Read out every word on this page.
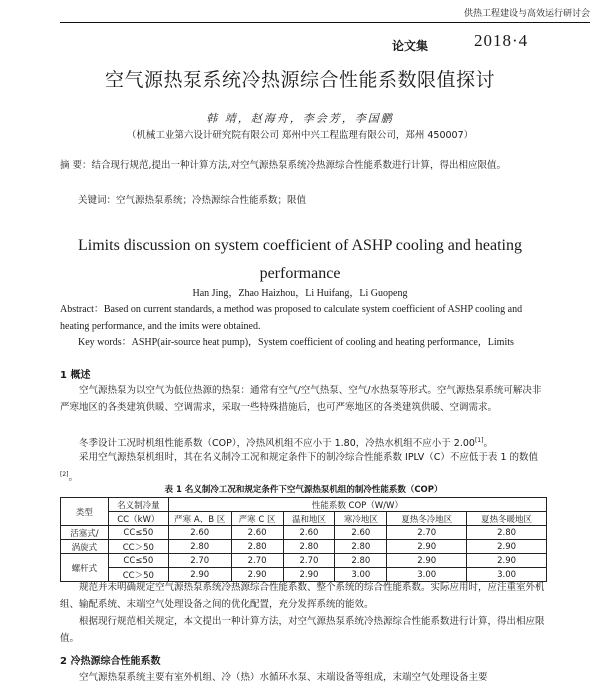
供热工程建设与高效运行研讨会
论文集	2018·4
空气源热泵系统冷热源综合性能系数限值探讨
韩 靖，赵海舟，李会芳，李国鹏
（机械工业第六设计研究院有限公司 郑州中兴工程监理有限公司，郑州 450007）
摘 要：结合现行规范,提出一种计算方法,对空气源热泵系统冷热源综合性能系数进行计算，得出相应限值。
关键词：空气源热泵系统；冷热源综合性能系数；限值
Limits discussion on system coefficient of ASHP cooling and heating performance
Han Jing，Zhao Haizhou，Li Huifang，Li Guopeng
Abstract：Based on current standards, a method was proposed to calculate system coefficient of ASHP cooling and heating performance, and the imits were obtained.
Key words：ASHP(air-source heat pump)，System coefficient of cooling and heating performance，Limits
1 概述
空气源热泵为以空气为低位热源的热泵：通常有空气/空气热泵、空气/水热泵等形式。空气源热泵系统可解决非严寒地区的各类建筑供暖、空调需求，采取一些特殊措施后，也可严寒地区的各类建筑供暖、空调需求。
冬季设计工况时机组性能系数（COP），冷热风机组不应小于 1.80，冷热水机组不应小于 2.00[1]。
采用空气源热泵机组时，其在名义制冷工况和规定条件下的制冷综合性能系数 IPLV（C）不应低于表 1 的数值[2]。
表 1 名义制冷工况和规定条件下空气源热泵机组的制冷性能系数（COP）
类型	名义制冷量	性能系数 COP（W/W）					
	CC（kW）	严寒 A、B 区	严寒 C 区	温和地区	寒冷地区	夏热冬冷地区	夏热冬暖地区
活塞式/	CC≤50	2.60	2.60	2.60	2.60	2.70	2.80
涡旋式	CC＞50	2.80	2.80	2.80	2.80	2.90	2.90
螺杆式	CC≤50	2.70	2.70	2.70	2.80	2.90	2.90
	CC＞50	2.90	2.90	2.90	3.00	3.00	3.00
规范并未明确规定空气源热泵系统冷热源综合性能系数、整个系统的综合性能系数。实际应用时，应注重室外机组、输配系统、末端空气处理设备之间的优化配置，充分发挥系统的能效。
根据现行规范相关规定，本文提出一种计算方法，对空气源热泵系统冷热源综合性能系数进行计算，得出相应限值。
2 冷热源综合性能系数
空气源热泵系统主要有室外机组、冷（热）水循环水泵、末端设备等组成，末端空气处理设备主要
